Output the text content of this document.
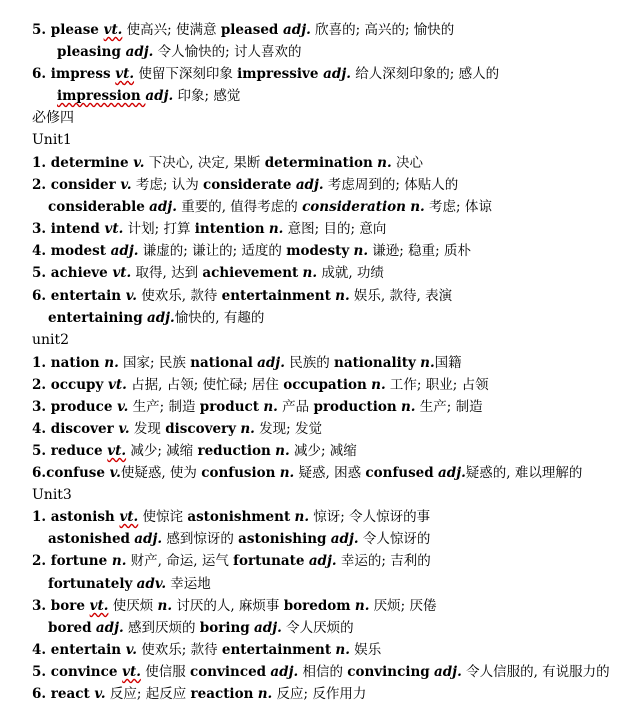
5. please vt. 使高兴; 使满意 pleased adj. 欣喜的; 高兴的; 愉快的
pleasing adj. 令人愉快的; 讨人喜欢的
6. impress vt. 使留下深刻印象 impressive adj. 给人深刻印象的; 感人的
impression adj. 印象; 感觉
必修四
Unit1
1. determine v. 下决心, 决定, 果断 determination n. 决心
2. consider v. 考虑; 认为 considerate adj. 考虑周到的; 体贴人的
considerable adj. 重要的, 值得考虑的 consideration n. 考虑; 体谅
3. intend vt. 计划; 打算 intention n. 意图; 目的; 意向
4. modest adj. 谦虚的; 谦让的; 适度的 modesty n. 谦逊; 稳重; 质朴
5. achieve vt. 取得, 达到 achievement n. 成就, 功绩
6. entertain v. 使欢乐, 款待 entertainment n. 娱乐, 款待, 表演
entertaining adj.愉快的, 有趣的
unit2
1. nation n. 国家; 民族 national adj. 民族的 nationality n.国籍
2. occupy vt. 占据, 占领; 使忙碌; 居住 occupation n. 工作; 职业; 占领
3. produce v. 生产; 制造 product n. 产品 production n. 生产; 制造
4. discover v. 发现 discovery n. 发现; 发觉
5. reduce vt. 减少; 减缩 reduction n. 减少; 减缩
6.confuse v.使疑惑, 使为 confusion n. 疑惑, 困惑 confused adj.疑惑的, 难以理解的
Unit3
1. astonish vt. 使惊诧 astonishment n. 惊讶; 令人惊讶的事
astonished adj. 感到惊讶的 astonishing adj. 令人惊讶的
2. fortune n. 财产, 命运, 运气 fortunate adj. 幸运的; 吉利的
fortunately adv. 幸运地
3. bore vt. 使厌烦 n. 讨厌的人, 麻烦事 boredom n. 厌烦; 厌倦
bored adj. 感到厌烦的 boring adj. 令人厌烦的
4. entertain v. 使欢乐; 款待 entertainment n. 娱乐
5. convince vt. 使信服 convinced adj. 相信的 convincing adj. 令人信服的, 有说服力的
6. react v. 反应; 起反应 reaction n. 反应; 反作用力
